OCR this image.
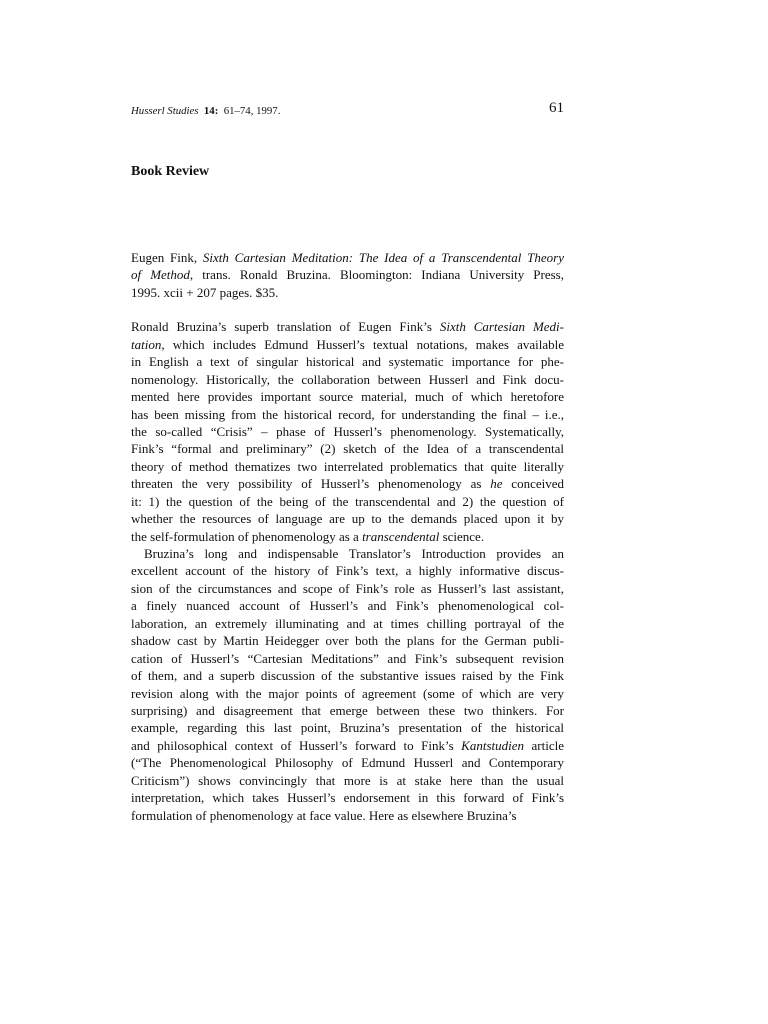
Husserl Studies 14: 61–74, 1997.	61
Book Review
Eugen Fink, Sixth Cartesian Meditation: The Idea of a Transcendental Theory
of Method, trans. Ronald Bruzina. Bloomington: Indiana University Press,
1995. xcii + 207 pages. $35.
Ronald Bruzina’s superb translation of Eugen Fink’s Sixth Cartesian Medi-
tation, which includes Edmund Husserl’s textual notations, makes available
in English a text of singular historical and systematic importance for phe-
nomenology. Historically, the collaboration between Husserl and Fink docu-
mented here provides important source material, much of which heretofore
has been missing from the historical record, for understanding the final – i.e.,
the so-called “Crisis” – phase of Husserl’s phenomenology. Systematically,
Fink’s “formal and preliminary” (2) sketch of the Idea of a transcendental
theory of method thematizes two interrelated problematics that quite literally
threaten the very possibility of Husserl’s phenomenology as he conceived
it: 1) the question of the being of the transcendental and 2) the question of
whether the resources of language are up to the demands placed upon it by
the self-formulation of phenomenology as a transcendental science.
Bruzina’s long and indispensable Translator’s Introduction provides an
excellent account of the history of Fink’s text, a highly informative discus-
sion of the circumstances and scope of Fink’s role as Husserl’s last assistant,
a finely nuanced account of Husserl’s and Fink’s phenomenological col-
laboration, an extremely illuminating and at times chilling portrayal of the
shadow cast by Martin Heidegger over both the plans for the German publi-
cation of Husserl’s “Cartesian Meditations” and Fink’s subsequent revision
of them, and a superb discussion of the substantive issues raised by the Fink
revision along with the major points of agreement (some of which are very
surprising) and disagreement that emerge between these two thinkers. For
example, regarding this last point, Bruzina’s presentation of the historical
and philosophical context of Husserl’s forward to Fink’s Kantstudien article
(“The Phenomenological Philosophy of Edmund Husserl and Contemporary
Criticism”) shows convincingly that more is at stake here than the usual
interpretation, which takes Husserl’s endorsement in this forward of Fink’s
formulation of phenomenology at face value. Here as elsewhere Bruzina’s
